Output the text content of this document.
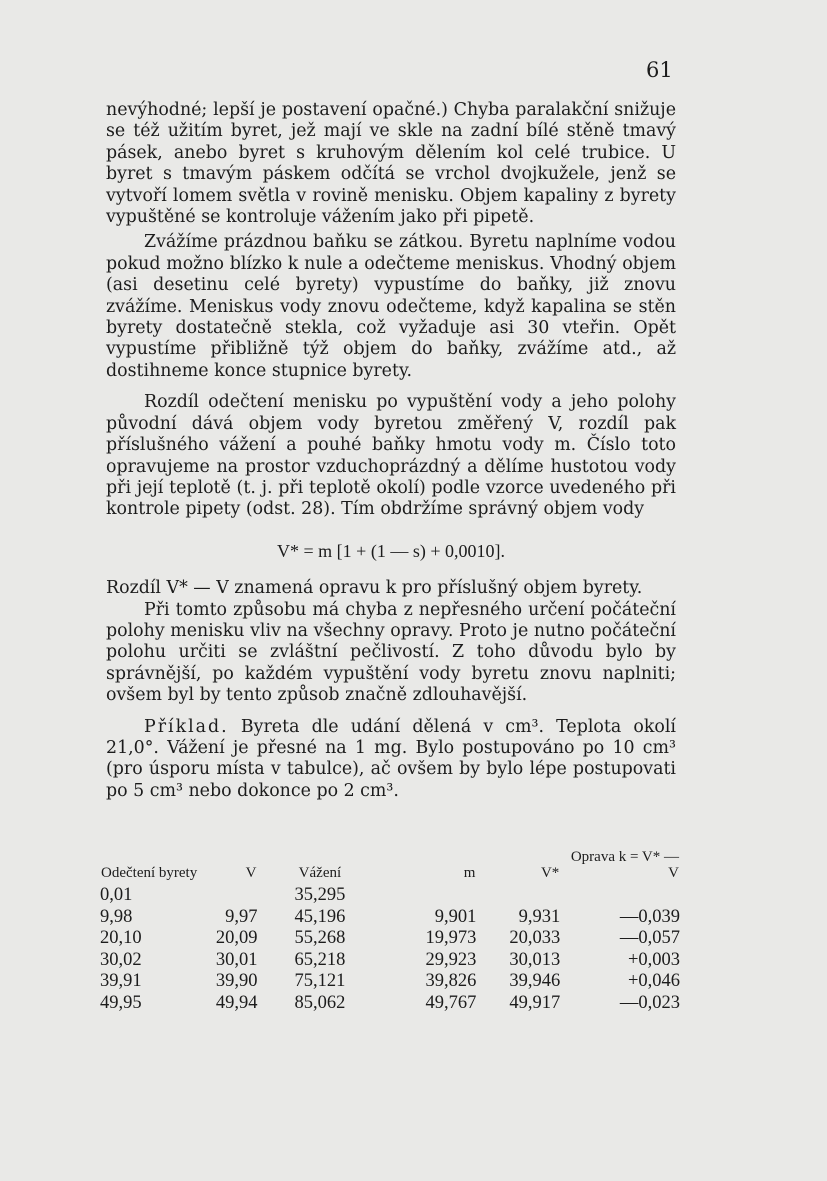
61

nevýhodné; lepší je postavení opačné.) Chyba paralakční snižuje se též užitím byret, jež mají ve skle na zadní bílé stěně tmavý pásek, anebo byret s kruhovým dělením kol celé trubice. U byret s tmavým páskem odčítá se vrchol dvojkužele, jenž se vytvoří lomem světla v rovině menisku. Objem kapaliny z byrety vypuštěné se kontroluje vážením jako při pipetě.

Zvážíme prázdnou baňku se zátkou. Byretu naplníme vodou pokud možno blízko k nule a odečteme meniskus. Vhodný objem (asi desetinu celé byrety) vypustíme do baňky, již znovu zvážíme. Meniskus vody znovu odečteme, když kapalina se stěn byrety dostatečně stekla, což vyžaduje asi 30 vteřin. Opět vypustíme přibližně týž objem do baňky, zvážíme atd., až dostihneme konce stupnice byrety.

Rozdíl odečtení menisku po vypuštění vody a jeho polohy původní dává objem vody byretou změřený V, rozdíl pak příslušného vážení a pouhé baňky hmotu vody m. Číslo toto opravujeme na prostor vzduchoprázdný a dělíme hustotou vody při její teplotě (t. j. při teplotě okolí) podle vzorce uvedeného při kontrole pipety (odst. 28). Tím obdržíme správný objem vody

V* = m [1 + (1 — s) + 0,0010].

Rozdíl V* — V znamená opravu k pro příslušný objem byrety.

Při tomto způsobu má chyba z nepřesného určení počáteční polohy menisku vliv na všechny opravy. Proto je nutno počáteční polohu určiti se zvláštní pečlivostí. Z toho důvodu bylo by správnější, po každém vypuštění vody byretu znovu naplniti; ovšem byl by tento způsob značně zdlouhavější.

Příklad. Byreta dle udání dělená v cm³. Teplota okolí 21,0°. Vážení je přesné na 1 mg. Bylo postupováno po 10 cm³ (pro úsporu místa v tabulce), ač ovšem by bylo lépe postupovati po 5 cm³ nebo dokonce po 2 cm³.

Odečtení byrety	V	Vážení	m	V*	Oprava k = V* — V
0,01		35,295			
9,98	9,97	45,196	9,901	9,931	—0,039
20,10	20,09	55,268	19,973	20,033	—0,057
30,02	30,01	65,218	29,923	30,013	+0,003
39,91	39,90	75,121	39,826	39,946	+0,046
49,95	49,94	85,062	49,767	49,917	—0,023
